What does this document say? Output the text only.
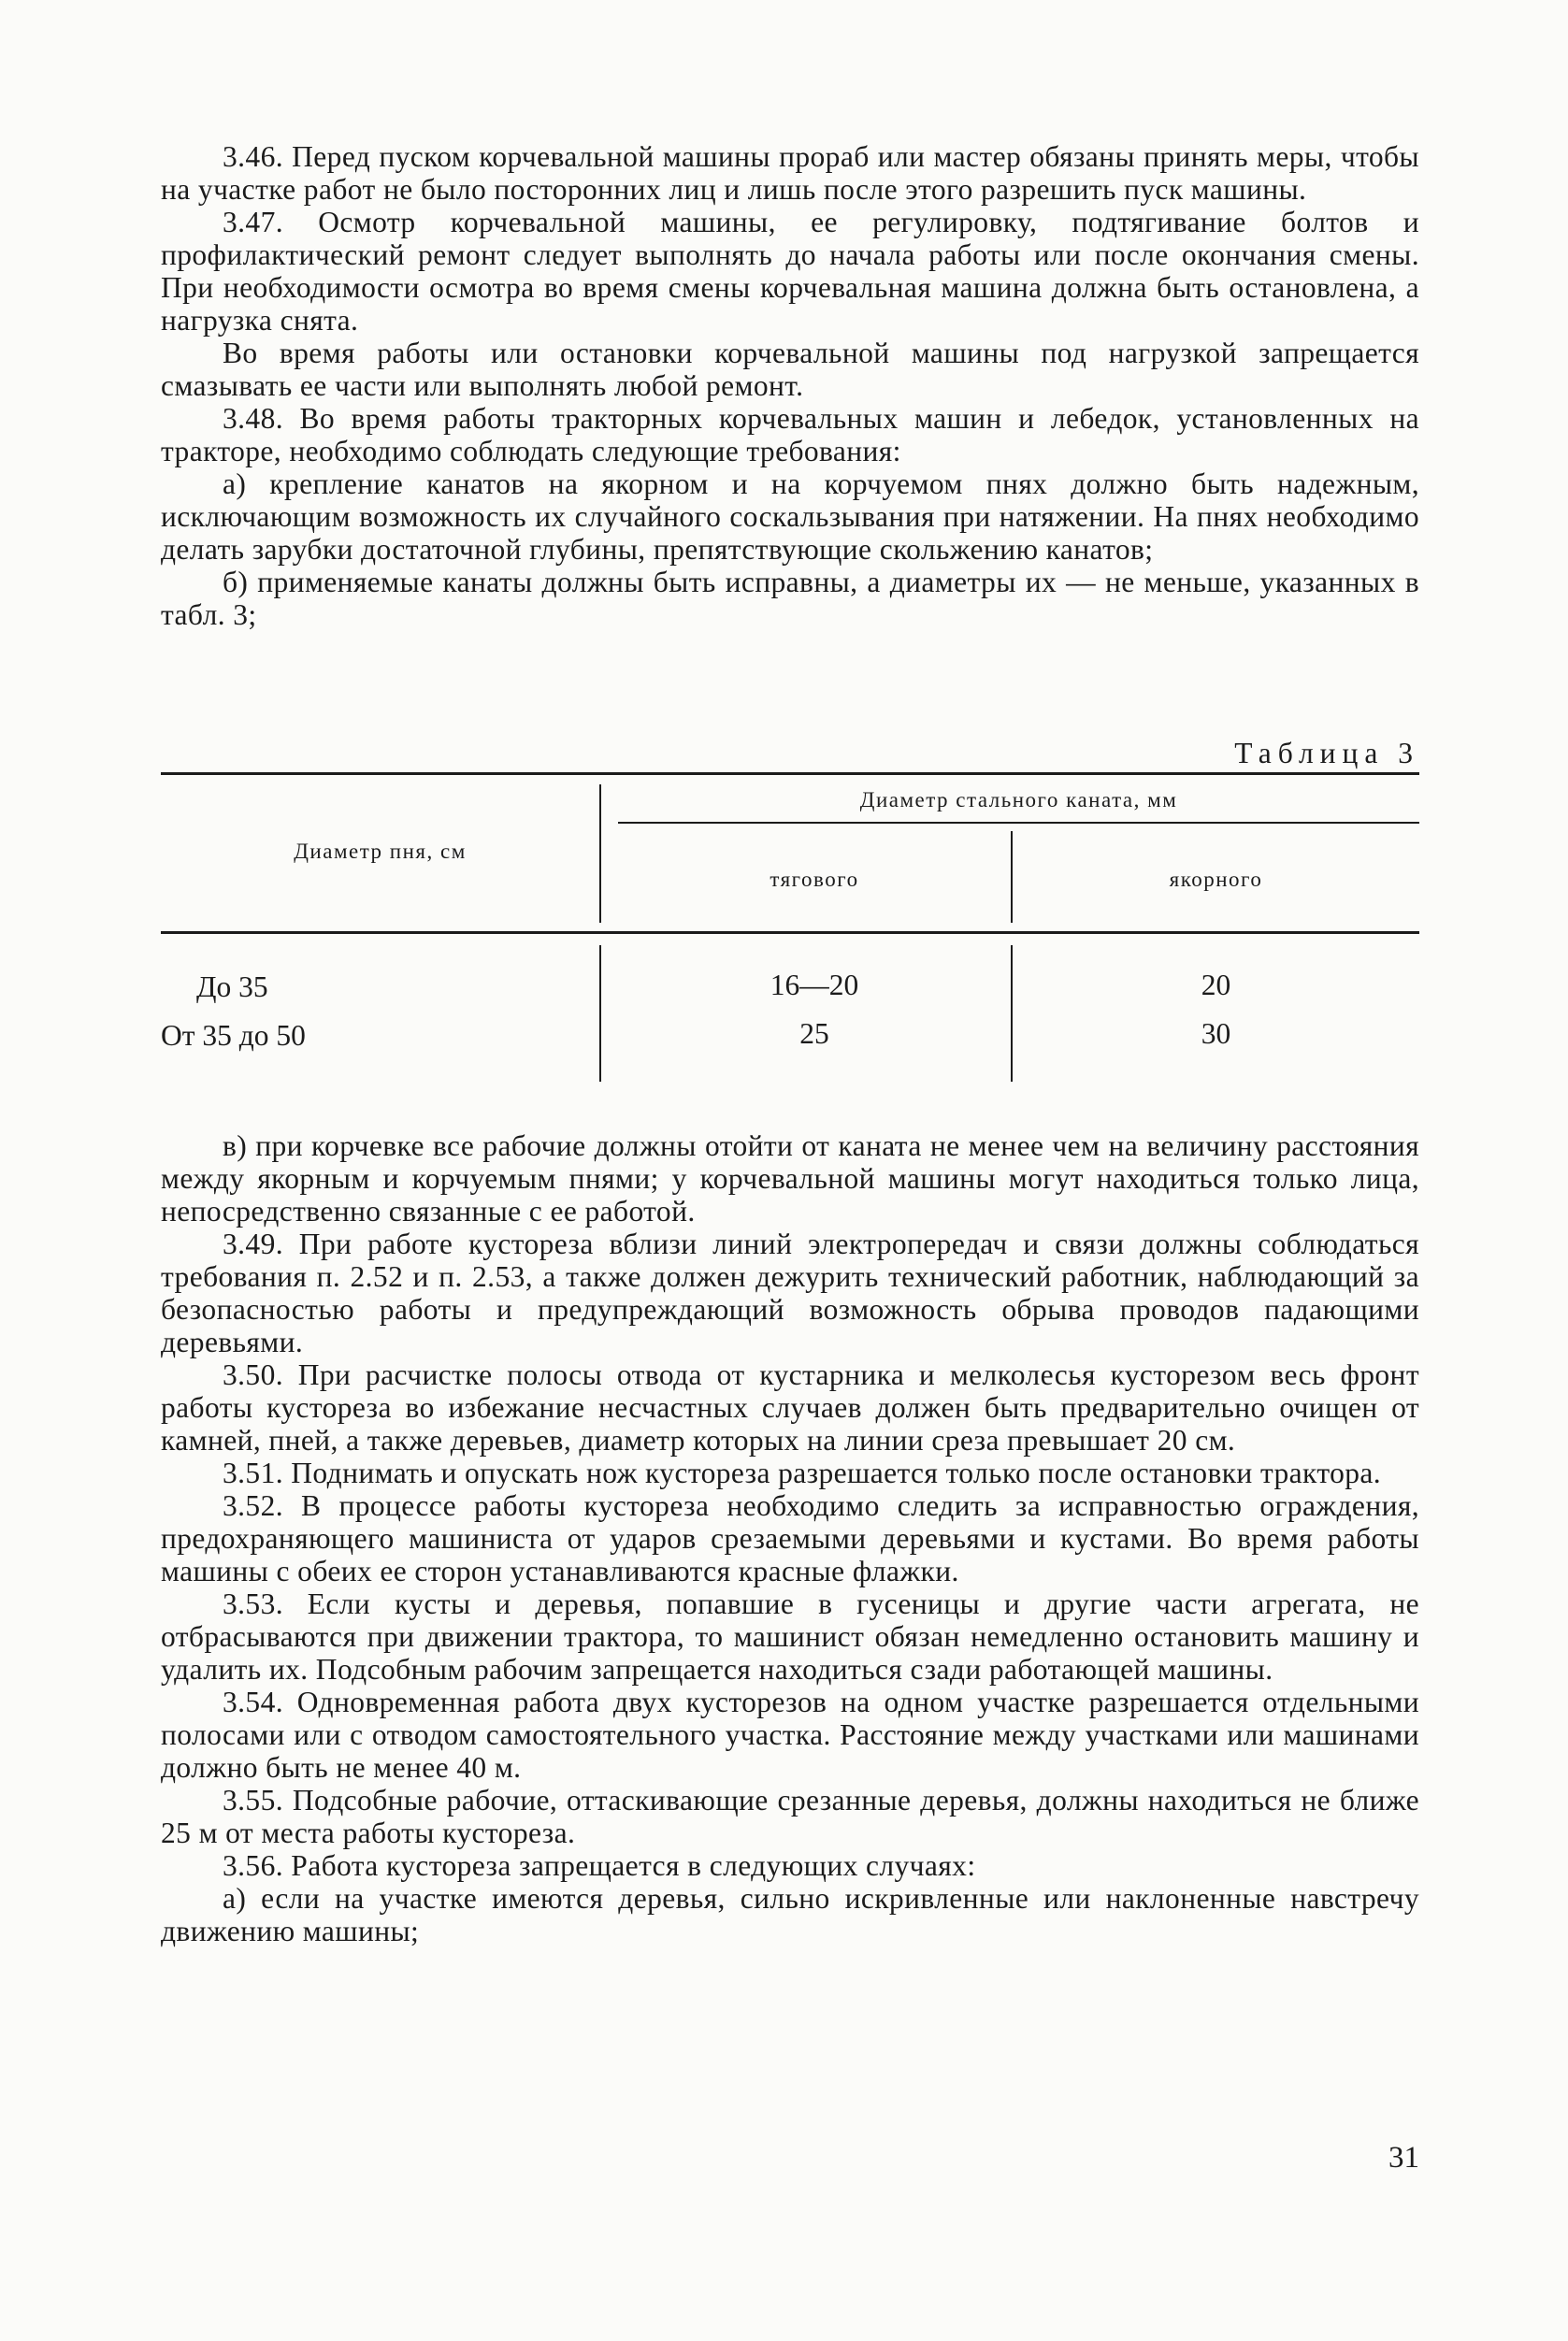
3.46. Перед пуском корчевальной машины прораб или мастер обязаны принять меры, чтобы на участке работ не было посторонних лиц и лишь после этого разрешить пуск машины.

3.47. Осмотр корчевальной машины, ее регулировку, подтягивание болтов и профилактический ремонт следует выполнять до начала работы или после окончания смены. При необходимости осмотра во время смены корчевальная машина должна быть остановлена, а нагрузка снята.

Во время работы или остановки корчевальной машины под нагрузкой запрещается смазывать ее части или выполнять любой ремонт.

3.48. Во время работы тракторных корчевальных машин и лебедок, установленных на тракторе, необходимо соблюдать следующие требования:

а) крепление канатов на якорном и на корчуемом пнях должно быть надежным, исключающим возможность их случайного соскальзывания при натяжении. На пнях необходимо делать зарубки достаточной глубины, препятствующие скольжению канатов;

б) применяемые канаты должны быть исправны, а диаметры их — не меньше, указанных в табл. 3;

Таблица 3

Диаметр пня, см

Диаметр стального каната, мм

тягового	якорного

До 35	16—20	20

От 35 до 50	25	30

в) при корчевке все рабочие должны отойти от каната не менее чем на величину расстояния между якорным и корчуемым пнями; у корчевальной машины могут находиться только лица, непосредственно связанные с ее работой.

3.49. При работе кустореза вблизи линий электропередач и связи должны соблюдаться требования п. 2.52 и п. 2.53, а также должен дежурить технический работник, наблюдающий за безопасностью работы и предупреждающий возможность обрыва проводов падающими деревьями.

3.50. При расчистке полосы отвода от кустарника и мелколесья кусторезом весь фронт работы кустореза во избежание несчастных случаев должен быть предварительно очищен от камней, пней, а также деревьев, диаметр которых на линии среза превышает 20 см.

3.51. Поднимать и опускать нож кустореза разрешается только после остановки трактора.

3.52. В процессе работы кустореза необходимо следить за исправностью ограждения, предохраняющего машиниста от ударов срезаемыми деревьями и кустами. Во время работы машины с обеих ее сторон устанавливаются красные флажки.

3.53. Если кусты и деревья, попавшие в гусеницы и другие части агрегата, не отбрасываются при движении трактора, то машинист обязан немедленно остановить машину и удалить их. Подсобным рабочим запрещается находиться сзади работающей машины.

3.54. Одновременная работа двух кусторезов на одном участке разрешается отдельными полосами или с отводом самостоятельного участка. Расстояние между участками или машинами должно быть не менее 40 м.

3.55. Подсобные рабочие, оттаскивающие срезанные деревья, должны находиться не ближе 25 м от места работы кустореза.

3.56. Работа кустореза запрещается в следующих случаях:

а) если на участке имеются деревья, сильно искривленные или наклоненные навстречу движению машины;

31
